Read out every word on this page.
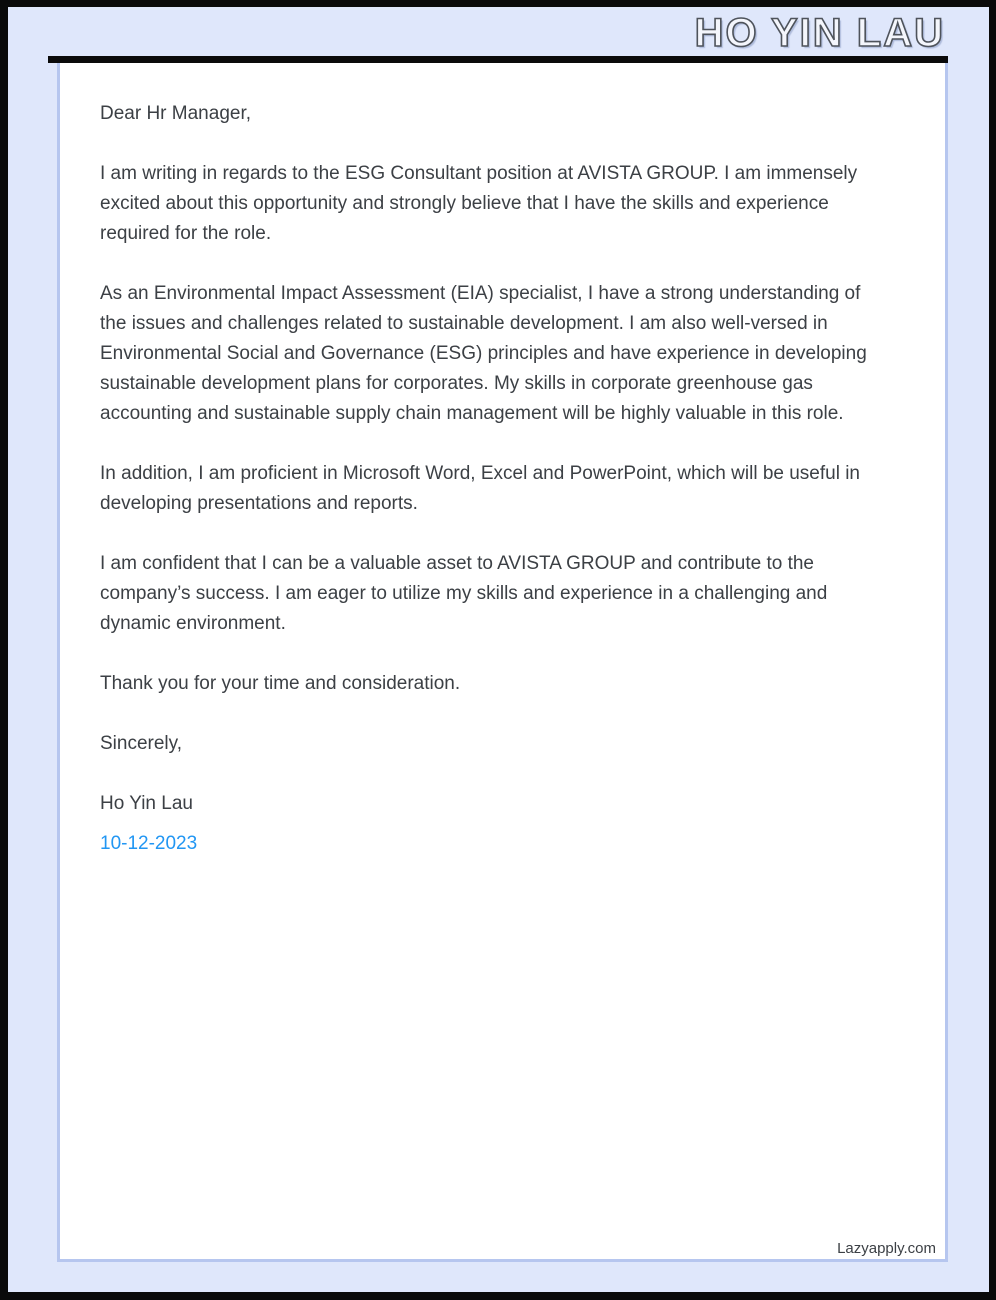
HO YIN LAU

Dear Hr Manager,

I am writing in regards to the ESG Consultant position at AVISTA GROUP. I am immensely excited about this opportunity and strongly believe that I have the skills and experience required for the role.

As an Environmental Impact Assessment (EIA) specialist, I have a strong understanding of the issues and challenges related to sustainable development. I am also well-versed in Environmental Social and Governance (ESG) principles and have experience in developing sustainable development plans for corporates. My skills in corporate greenhouse gas accounting and sustainable supply chain management will be highly valuable in this role.

In addition, I am proficient in Microsoft Word, Excel and PowerPoint, which will be useful in developing presentations and reports.

I am confident that I can be a valuable asset to AVISTA GROUP and contribute to the company’s success. I am eager to utilize my skills and experience in a challenging and dynamic environment.

Thank you for your time and consideration.

Sincerely,

Ho Yin Lau

10-12-2023

Lazyapply.com
